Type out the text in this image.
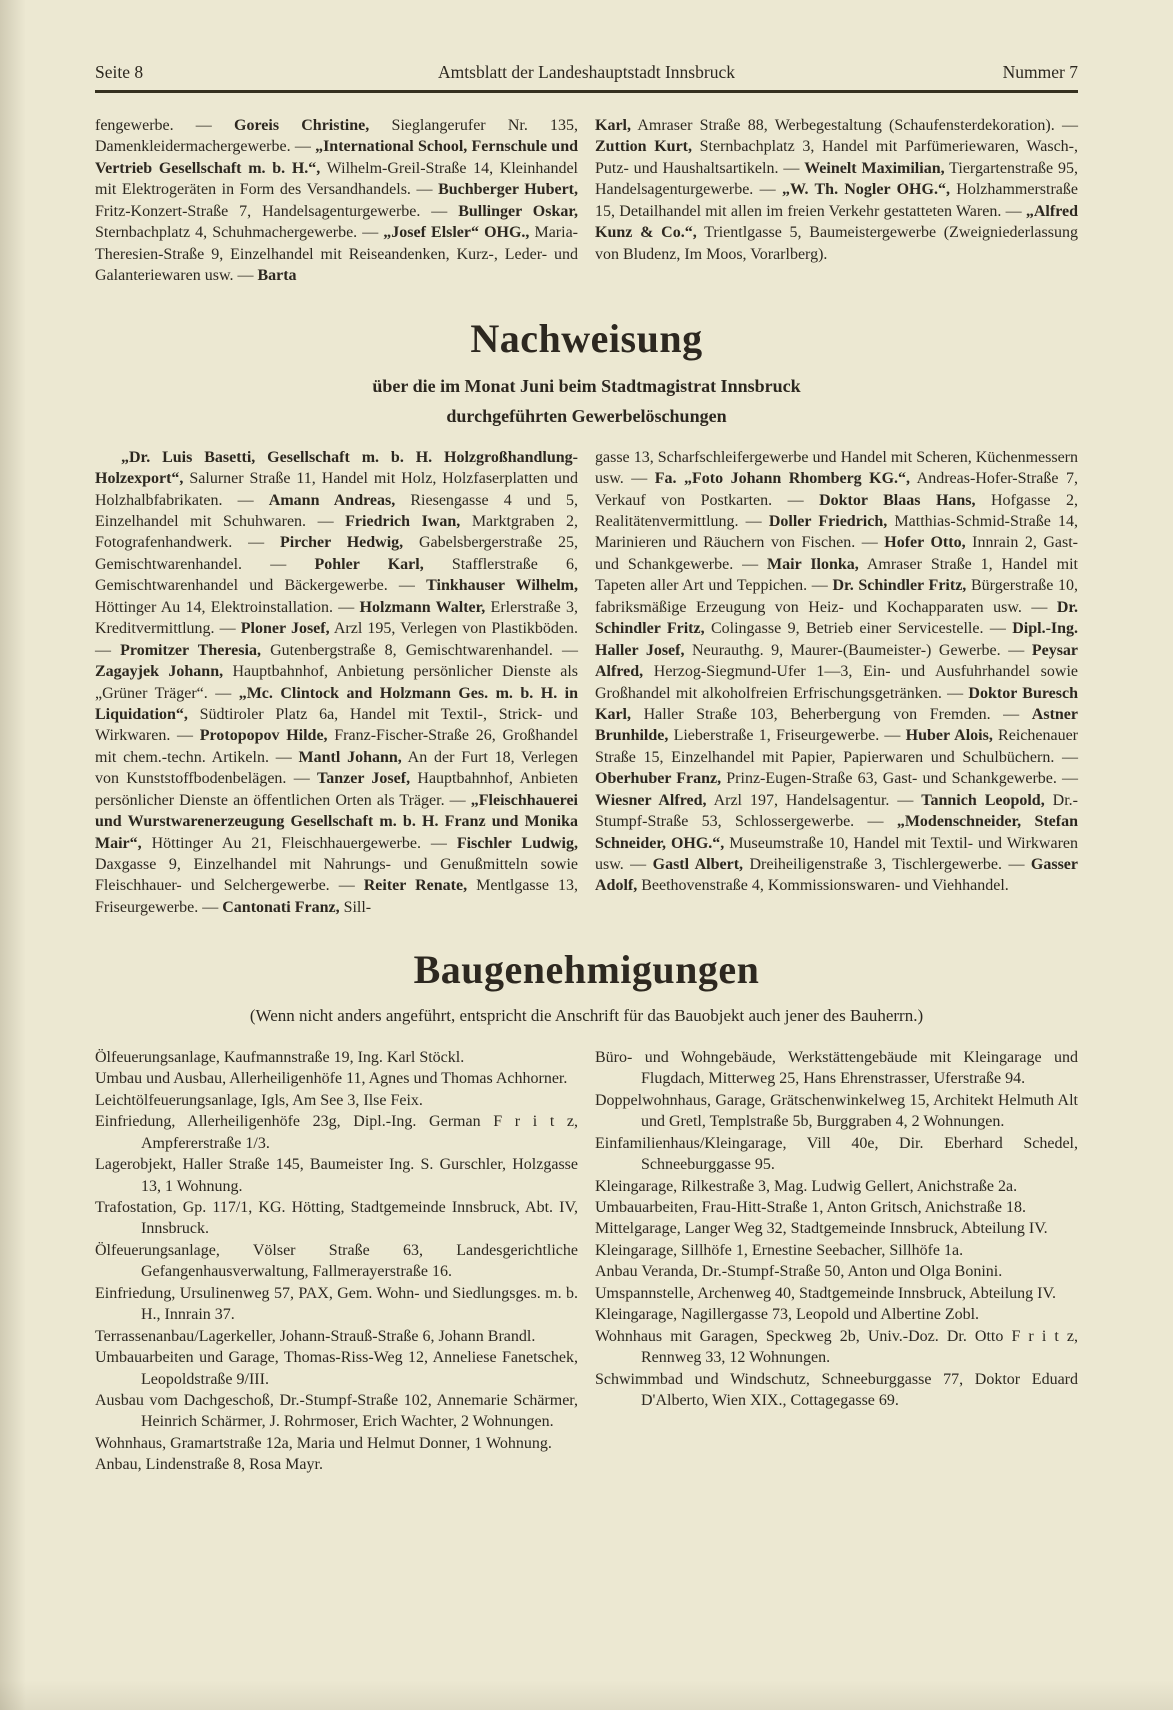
Seite 8	Amtsblatt der Landeshauptstadt Innsbruck	Nummer 7

fengewerbe. — Goreis Christine, Sieglangerufer Nr. 135, Damenkleidermachergewerbe. — „International School, Fernschule und Vertrieb Gesellschaft m. b. H.“, Wilhelm-Greil-Straße 14, Kleinhandel mit Elektrogeräten in Form des Versandhandels. — Buchberger Hubert, Fritz-Konzert-Straße 7, Handelsagenturgewerbe. — Bullinger Oskar, Sternbachplatz 4, Schuhmachergewerbe. — „Josef Elsler“ OHG., Maria-Theresien-Straße 9, Einzelhandel mit Reiseandenken, Kurz-, Leder- und Galanteriewaren usw. — Barta

Karl, Amraser Straße 88, Werbegestaltung (Schaufensterdekoration). — Zuttion Kurt, Sternbachplatz 3, Handel mit Parfümeriewaren, Wasch-, Putz- und Haushaltsartikeln. — Weinelt Maximilian, Tiergartenstraße 95, Handelsagenturgewerbe. — „W. Th. Nogler OHG.“, Holzhammerstraße 15, Detailhandel mit allen im freien Verkehr gestatteten Waren. — „Alfred Kunz & Co.“, Trientlgasse 5, Baumeistergewerbe (Zweigniederlassung von Bludenz, Im Moos, Vorarlberg).

Nachweisung
über die im Monat Juni beim Stadtmagistrat Innsbruck
durchgeführten Gewerbelöschungen

„Dr. Luis Basetti, Gesellschaft m. b. H. Holzgroßhandlung-Holzexport“, Salurner Straße 11, Handel mit Holz, Holzfaserplatten und Holzhalbfabrikaten. — Amann Andreas, Riesengasse 4 und 5, Einzelhandel mit Schuhwaren. — Friedrich Iwan, Marktgraben 2, Fotografenhandwerk. — Pircher Hedwig, Gabelsbergerstraße 25, Gemischtwarenhandel. — Pohler Karl, Stafflerstraße 6, Gemischtwarenhandel und Bäckergewerbe. — Tinkhauser Wilhelm, Höttinger Au 14, Elektroinstallation. — Holzmann Walter, Erlerstraße 3, Kreditvermittlung. — Ploner Josef, Arzl 195, Verlegen von Plastikböden. — Promitzer Theresia, Gutenbergstraße 8, Gemischtwarenhandel. — Zagayjek Johann, Hauptbahnhof, Anbietung persönlicher Dienste als „Grüner Träger“. — „Mc. Clintock and Holzmann Ges. m. b. H. in Liquidation“, Südtiroler Platz 6a, Handel mit Textil-, Strick- und Wirkwaren. — Protopopov Hilde, Franz-Fischer-Straße 26, Großhandel mit chem.-techn. Artikeln. — Mantl Johann, An der Furt 18, Verlegen von Kunststoffbodenbelägen. — Tanzer Josef, Hauptbahnhof, Anbieten persönlicher Dienste an öffentlichen Orten als Träger. — „Fleischhauerei und Wurstwarenerzeugung Gesellschaft m. b. H. Franz und Monika Mair“, Höttinger Au 21, Fleischhauergewerbe. — Fischler Ludwig, Daxgasse 9, Einzelhandel mit Nahrungs- und Genußmitteln sowie Fleischhauer- und Selchergewerbe. — Reiter Renate, Mentlgasse 13, Friseurgewerbe. — Cantonati Franz, Sill-

gasse 13, Scharfschleifergewerbe und Handel mit Scheren, Küchenmessern usw. — Fa. „Foto Johann Rhomberg KG.“, Andreas-Hofer-Straße 7, Verkauf von Postkarten. — Doktor Blaas Hans, Hofgasse 2, Realitätenvermittlung. — Doller Friedrich, Matthias-Schmid-Straße 14, Marinieren und Räuchern von Fischen. — Hofer Otto, Innrain 2, Gast- und Schankgewerbe. — Mair Ilonka, Amraser Straße 1, Handel mit Tapeten aller Art und Teppichen. — Dr. Schindler Fritz, Bürgerstraße 10, fabriksmäßige Erzeugung von Heiz- und Kochapparaten usw. — Dr. Schindler Fritz, Colingasse 9, Betrieb einer Servicestelle. — Dipl.-Ing. Haller Josef, Neurauthg. 9, Maurer-(Baumeister-) Gewerbe. — Peysar Alfred, Herzog-Siegmund-Ufer 1—3, Ein- und Ausfuhrhandel sowie Großhandel mit alkoholfreien Erfrischungsgetränken. — Doktor Buresch Karl, Haller Straße 103, Beherbergung von Fremden. — Astner Brunhilde, Lieberstraße 1, Friseurgewerbe. — Huber Alois, Reichenauer Straße 15, Einzelhandel mit Papier, Papierwaren und Schulbüchern. — Oberhuber Franz, Prinz-Eugen-Straße 63, Gast- und Schankgewerbe. — Wiesner Alfred, Arzl 197, Handelsagentur. — Tannich Leopold, Dr.-Stumpf-Straße 53, Schlossergewerbe. — „Modenschneider, Stefan Schneider, OHG.“, Museumstraße 10, Handel mit Textil- und Wirkwaren usw. — Gastl Albert, Dreiheiligenstraße 3, Tischlergewerbe. — Gasser Adolf, Beethovenstraße 4, Kommissionswaren- und Viehhandel.

Baugenehmigungen
(Wenn nicht anders angeführt, entspricht die Anschrift für das Bauobjekt auch jener des Bauherrn.)
Ölfeuerungsanlage, Kaufmannstraße 19, Ing. Karl Stöckl.
Umbau und Ausbau, Allerheiligenhöfe 11, Agnes und Thomas Achhorner.
Leichtölfeuerungsanlage, Igls, Am See 3, Ilse Feix.
Einfriedung, Allerheiligenhöfe 23g, Dipl.-Ing. German F r i t z, Ampfererstraße 1/3.
Lagerobjekt, Haller Straße 145, Baumeister Ing. S. Gurschler, Holzgasse 13, 1 Wohnung.
Trafostation, Gp. 117/1, KG. Hötting, Stadtgemeinde Innsbruck, Abt. IV, Innsbruck.
Ölfeuerungsanlage, Völser Straße 63, Landesgerichtliche Gefangenhausverwaltung, Fallmerayerstraße 16.
Einfriedung, Ursulinenweg 57, PAX, Gem. Wohn- und Siedlungsges. m. b. H., Innrain 37.
Terrassenanbau/Lagerkeller, Johann-Strauß-Straße 6, Johann Brandl.
Umbauarbeiten und Garage, Thomas-Riss-Weg 12, Anneliese Fanetschek, Leopoldstraße 9/III.
Ausbau vom Dachgeschoß, Dr.-Stumpf-Straße 102, Annemarie Schärmer, Heinrich Schärmer, J. Rohrmoser, Erich Wachter, 2 Wohnungen.
Wohnhaus, Gramartstraße 12a, Maria und Helmut Donner, 1 Wohnung.
Anbau, Lindenstraße 8, Rosa Mayr.
Büro- und Wohngebäude, Werkstättengebäude mit Kleingarage und Flugdach, Mitterweg 25, Hans Ehrenstrasser, Uferstraße 94.
Doppelwohnhaus, Garage, Grätschenwinkelweg 15, Architekt Helmuth Alt und Gretl, Templstraße 5b, Burggraben 4, 2 Wohnungen.
Einfamilienhaus/Kleingarage, Vill 40e, Dir. Eberhard Schedel, Schneeburggasse 95.
Kleingarage, Rilkestraße 3, Mag. Ludwig Gellert, Anichstraße 2a.
Umbauarbeiten, Frau-Hitt-Straße 1, Anton Gritsch, Anichstraße 18.
Mittelgarage, Langer Weg 32, Stadtgemeinde Innsbruck, Abteilung IV.
Kleingarage, Sillhöfe 1, Ernestine Seebacher, Sillhöfe 1a.
Anbau Veranda, Dr.-Stumpf-Straße 50, Anton und Olga Bonini.
Umspannstelle, Archenweg 40, Stadtgemeinde Innsbruck, Abteilung IV.
Kleingarage, Nagillergasse 73, Leopold und Albertine Zobl.
Wohnhaus mit Garagen, Speckweg 2b, Univ.-Doz. Dr. Otto F r i t z, Rennweg 33, 12 Wohnungen.
Schwimmbad und Windschutz, Schneeburggasse 77, Doktor Eduard D'Alberto, Wien XIX., Cottagegasse 69.
